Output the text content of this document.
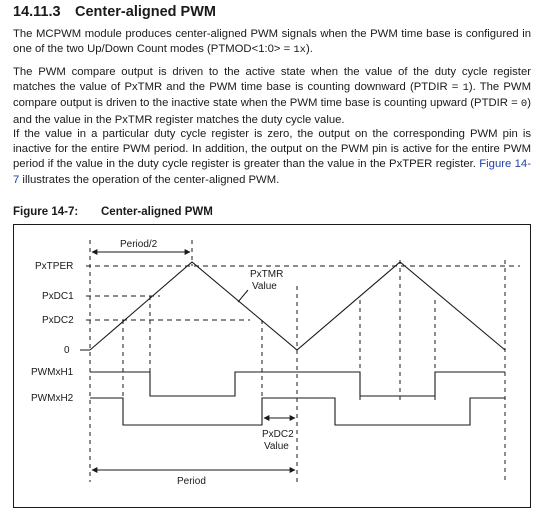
14.11.3 Center-aligned PWM

The MCPWM module produces center-aligned PWM signals when the PWM time base is configured in one of the two Up/Down Count modes (PTMOD<1:0> = 1x).

The PWM compare output is driven to the active state when the value of the duty cycle register matches the value of PxTMR and the PWM time base is counting downward (PTDIR = 1). The PWM compare output is driven to the inactive state when the PWM time base is counting upward (PTDIR = 0) and the value in the PxTMR register matches the duty cycle value.

If the value in a particular duty cycle register is zero, the output on the corresponding PWM pin is inactive for the entire PWM period. In addition, the output on the PWM pin is active for the entire PWM period if the value in the duty cycle register is greater than the value in the PxTPER register. Figure 14-7 illustrates the operation of the center-aligned PWM.

Figure 14-7: Center-aligned PWM
Period/2
PxTPER
PxDC1
PxDC2
0
PxTMR
Value
PWMxH1
PWMxH2
PxDC2
Value
Period
